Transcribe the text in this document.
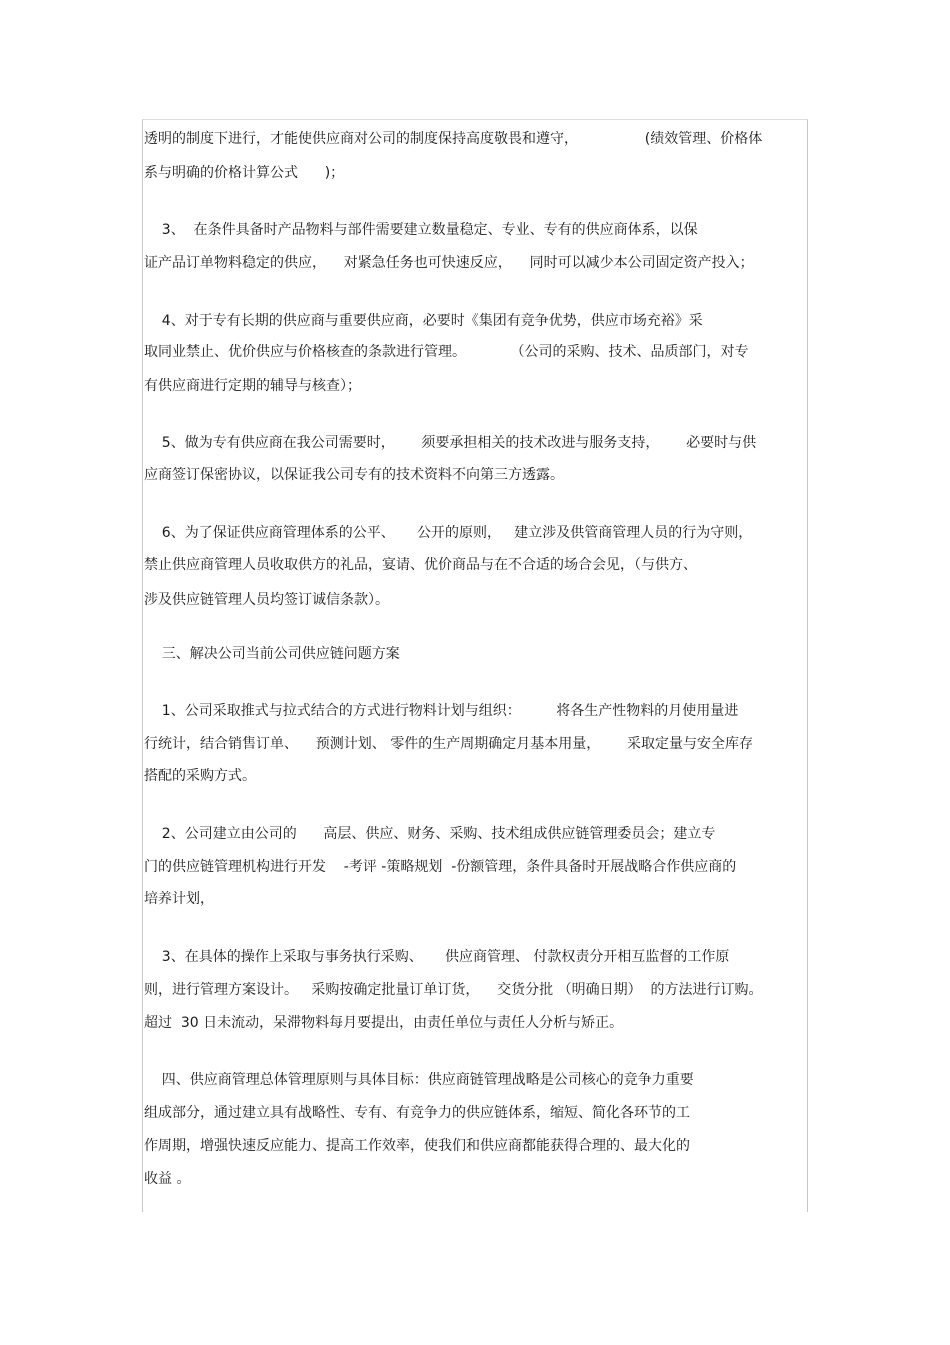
透明的制度下进行，才能使供应商对公司的制度保持高度敬畏和遵守，               (绩效管理、价格体
系与明确的价格计算公式      )；
3、  在条件具备时产品物料与部件需要建立数量稳定、专业、专有的供应商体系，以保
证产品订单物料稳定的供应，    对紧急任务也可快速反应，    同时可以减少本公司固定资产投入；
4、对于专有长期的供应商与重要供应商，必要时《集团有竞争优势，供应市场充裕》采
取同业禁止、优价供应与价格核查的条款进行管理。          （公司的采购、技术、品质部门，对专
有供应商进行定期的辅导与核查）；
5、做为专有供应商在我公司需要时，      须要承担相关的技术改进与服务支持，      必要时与供
应商签订保密协议，以保证我公司专有的技术资料不向第三方透露。
6、为了保证供应商管理体系的公平、     公开的原则，   建立涉及供管商管理人员的行为守则，
禁止供应商管理人员收取供方的礼品，宴请、优价商品与在不合适的场合会见，（与供方、
涉及供应链管理人员均签订诚信条款）。
三、解决公司当前公司供应链问题方案
1、公司采取推式与拉式结合的方式进行物料计划与组织：        将各生产性物料的月使用量进
行统计，结合销售订单、    预测计划、 零件的生产周期确定月基本用量，      采取定量与安全库存
搭配的采购方式。
2、公司建立由公司的      高层、供应、财务、采购、技术组成供应链管理委员会；建立专
门的供应链管理机构进行开发    -考评 -策略规划  -份额管理，条件具备时开展战略合作供应商的
培养计划，
3、在具体的操作上采取与事务执行采购、     供应商管理、 付款权责分开相互监督的工作原
则，进行管理方案设计。   采购按确定批量订单订货，    交货分批 （明确日期）  的方法进行订购。
超过  30 日未流动，呆滞物料每月要提出，由责任单位与责任人分析与矫正。
四、供应商管理总体管理原则与具体目标：供应商链管理战略是公司核心的竞争力重要
组成部分，通过建立具有战略性、专有、有竞争力的供应链体系，缩短、简化各环节的工
作周期，增强快速反应能力、提高工作效率，使我们和供应商都能获得合理的、最大化的
收益 。
